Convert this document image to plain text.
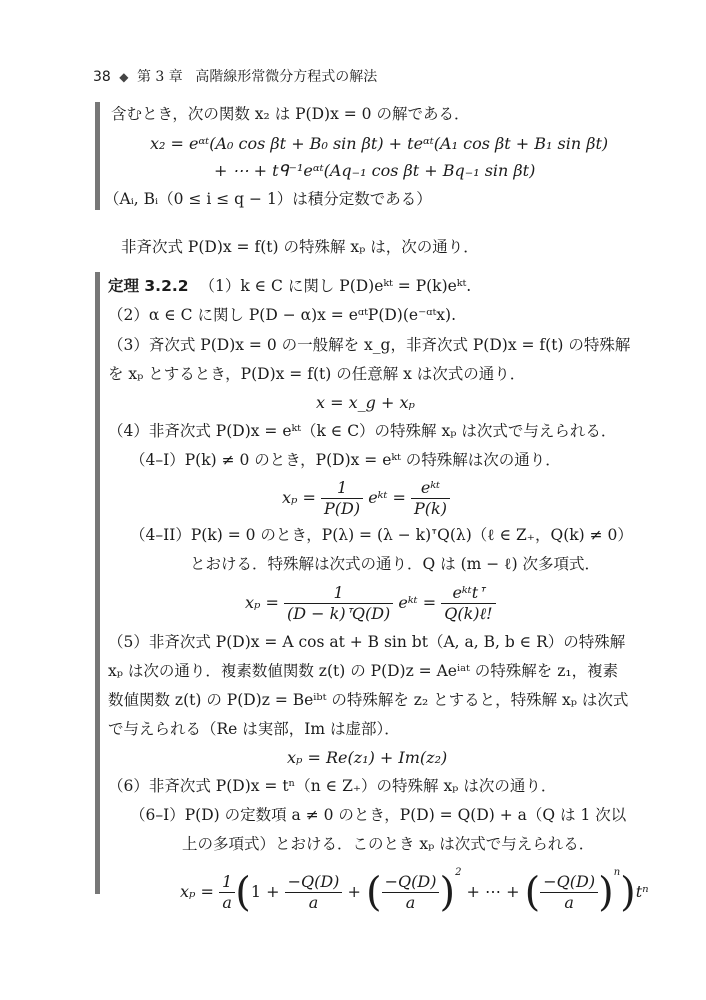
38 ◆ 第 3 章 高階線形常微分方程式の解法
含むとき，次の関数 x₂ は P(D)x = 0 の解である．
x₂ = eᵅᵗ(A₀ cos βt + B₀ sin βt) + teᵅᵗ(A₁ cos βt + B₁ sin βt)
+ ⋯ + tᑫ⁻¹eᵅᵗ(Aq₋₁ cos βt + Bq₋₁ sin βt)
（Aᵢ, Bᵢ（0 ≤ i ≤ q − 1）は積分定数である）
非斉次式 P(D)x = f(t) の特殊解 xₚ は，次の通り．
定理 3.2.2 （1）k ∈ C に関し P(D)eᵏᵗ = P(k)eᵏᵗ.
（2）α ∈ C に関し P(D − α)x = eᵅᵗP(D)(e⁻ᵅᵗx).
（3）斉次式 P(D)x = 0 の一般解を x_g，非斉次式 P(D)x = f(t) の特殊解
を xₚ とするとき，P(D)x = f(t) の任意解 x は次式の通り．
x = x_g + xₚ
（4）非斉次式 P(D)x = eᵏᵗ（k ∈ C）の特殊解 xₚ は次式で与えられる．
（4–I）P(k) ≠ 0 のとき，P(D)x = eᵏᵗ の特殊解は次の通り．
$x_p = \frac{1}{P(D)}$ eᵏᵗ = $\frac{\text{eᵏᵗ}}{P(k)}$
（4–II）P(k) = 0 のとき，P(λ) = (λ − k)ᐪQ(λ)（ℓ ∈ Z₊，Q(k) ≠ 0）
とおける．特殊解は次式の通り．Q は (m − ℓ) 次多項式．
$x_p = \frac{1}{\text{(D − k)ᐪQ(D)}}$ eᵏᵗ = $\frac{\text{eᵏᵗtᐪ}}{\text{Q(k)ℓ!}}$
（5）非斉次式 P(D)x = A cos at + B sin bt（A, a, B, b ∈ R）の特殊解
xₚ は次の通り．複素数値関数 z(t) の P(D)z = Aeⁱᵃᵗ の特殊解を z₁，複素
数値関数 z(t) の P(D)z = Beⁱᵇᵗ の特殊解を z₂ とすると，特殊解 xₚ は次式
で与えられる（Re は実部，Im は虚部）．
xₚ = Re(z₁) + Im(z₂)
（6）非斉次式 P(D)x = tⁿ（n ∈ Z₊）の特殊解 xₚ は次の通り．
（6–I）P(D) の定数項 a ≠ 0 のとき，P(D) = Q(D) + a（Q は 1 次以
上の多項式）とおける．このとき xₚ は次式で与えられる．
$x_p = \frac{1}{a} (1 + \frac{-Q(D)}{a}$ + ( $\frac{-Q(D)}{a} )^2$ + ⋯ + ( $\frac{-Q(D)}{a} )^n)t^n$
